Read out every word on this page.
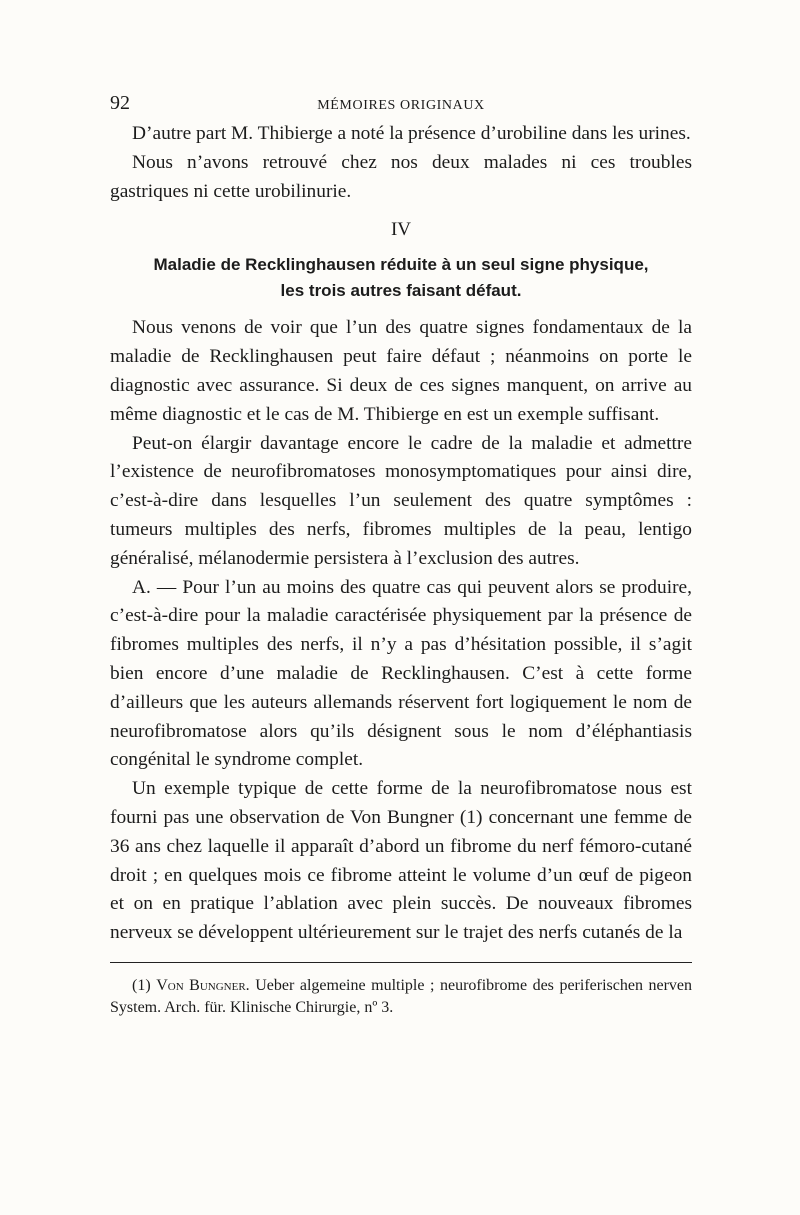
92	MÉMOIRES ORIGINAUX

D’autre part M. Thibierge a noté la présence d’urobiline dans les urines.

Nous n’avons retrouvé chez nos deux malades ni ces troubles gastriques ni cette urobilinurie.

IV
Maladie de Recklinghausen réduite à un seul signe physique,
les trois autres faisant défaut.

Nous venons de voir que l’un des quatre signes fondamentaux de la maladie de Recklinghausen peut faire défaut ; néanmoins on porte le diagnostic avec assurance. Si deux de ces signes manquent, on arrive au même diagnostic et le cas de M. Thibierge en est un exemple suffisant.

Peut-on élargir davantage encore le cadre de la maladie et admettre l’existence de neurofibromatoses monosymptomatiques pour ainsi dire, c’est-à-dire dans lesquelles l’un seulement des quatre symptômes : tumeurs multiples des nerfs, fibromes multiples de la peau, lentigo généralisé, mélanodermie persistera à l’exclusion des autres.

A. — Pour l’un au moins des quatre cas qui peuvent alors se produire, c’est-à-dire pour la maladie caractérisée physiquement par la présence de fibromes multiples des nerfs, il n’y a pas d’hésitation possible, il s’agit bien encore d’une maladie de Recklinghausen. C’est à cette forme d’ailleurs que les auteurs allemands réservent fort logiquement le nom de neurofibromatose alors qu’ils désignent sous le nom d’éléphantiasis congénital le syndrome complet.

Un exemple typique de cette forme de la neurofibromatose nous est fourni pas une observation de Von Bungner (1) concernant une femme de 36 ans chez laquelle il apparaît d’abord un fibrome du nerf fémoro-cutané droit ; en quelques mois ce fibrome atteint le volume d’un œuf de pigeon et on en pratique l’ablation avec plein succès. De nouveaux fibromes nerveux se développent ultérieurement sur le trajet des nerfs cutanés de la

(1) Von Bungner. Ueber algemeine multiple ; neurofibrome des periferischen nerven System. Arch. für. Klinische Chirurgie, nº 3.
